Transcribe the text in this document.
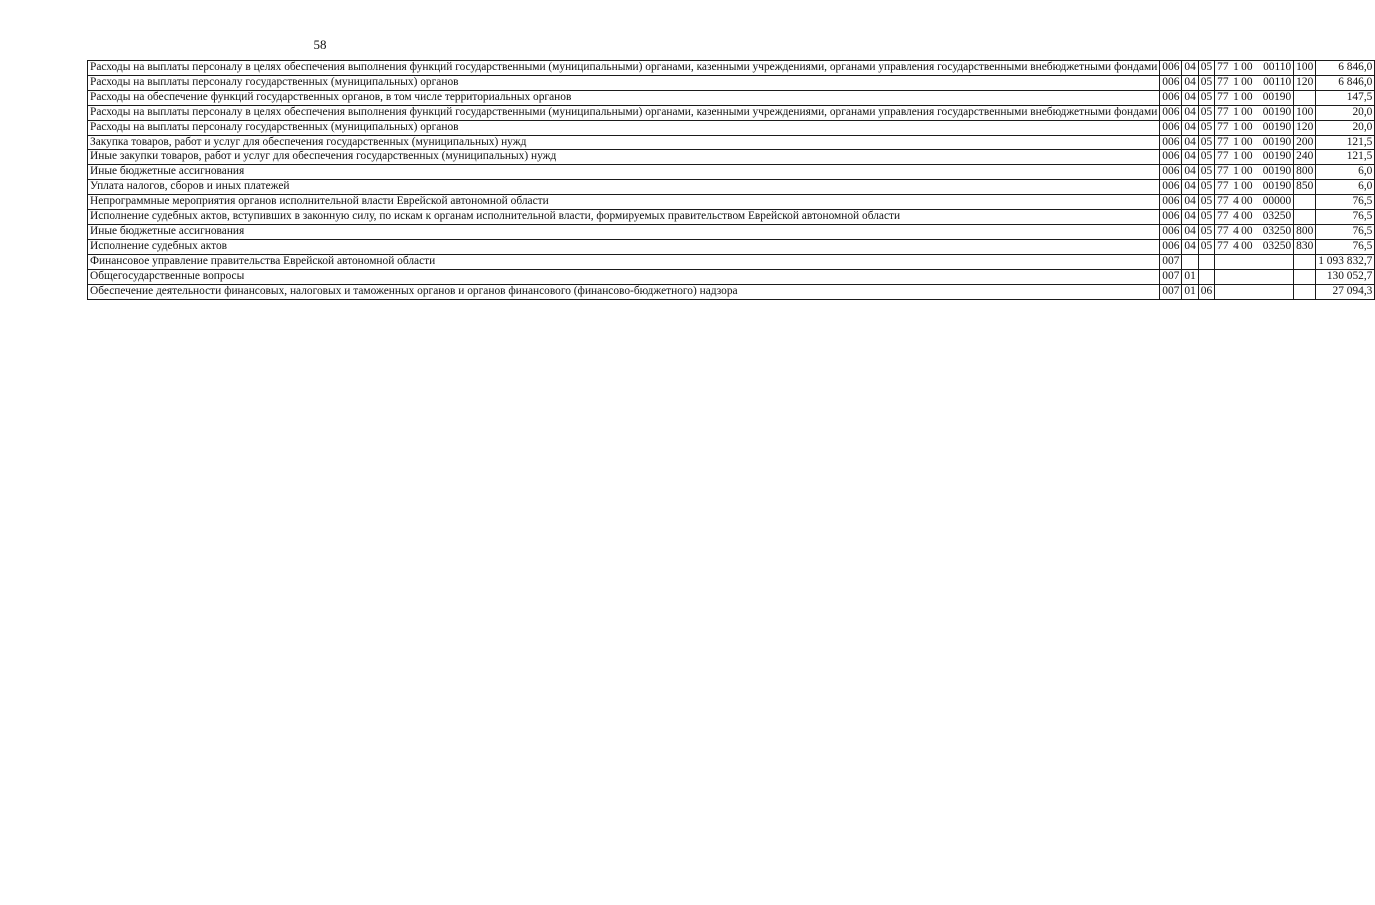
58
Расходы на выплаты персоналу в целях обеспечения выполнения функций государственными (муниципальными) органами, казенными учреждениями, органами управления государственными внебюджетными фондами	006	04	05	77 1 00 00110	100	6 846,0
Расходы на выплаты персоналу государственных (муниципальных) органов	006	04	05	77 1 00 00110	120	6 846,0
Расходы на обеспечение функций государственных органов, в том числе территориальных органов	006	04	05	77 1 00 00190		147,5
Расходы на выплаты персоналу в целях обеспечения выполнения функций государственными (муниципальными) органами, казенными учреждениями, органами управления государственными внебюджетными фондами	006	04	05	77 1 00 00190	100	20,0
Расходы на выплаты персоналу государственных (муниципальных) органов	006	04	05	77 1 00 00190	120	20,0
Закупка товаров, работ и услуг для обеспечения государственных (муниципальных) нужд	006	04	05	77 1 00 00190	200	121,5
Иные закупки товаров, работ и услуг для обеспечения государственных (муниципальных) нужд	006	04	05	77 1 00 00190	240	121,5
Иные бюджетные ассигнования	006	04	05	77 1 00 00190	800	6,0
Уплата налогов, сборов и иных платежей	006	04	05	77 1 00 00190	850	6,0
Непрограммные мероприятия органов исполнительной власти Еврейской автономной области	006	04	05	77 4 00 00000		76,5
Исполнение судебных актов, вступивших в законную силу, по искам к органам исполнительной власти, формируемых правительством Еврейской автономной области	006	04	05	77 4 00 03250		76,5
Иные бюджетные ассигнования	006	04	05	77 4 00 03250	800	76,5
Исполнение судебных актов	006	04	05	77 4 00 03250	830	76,5
Финансовое управление правительства Еврейской автономной области	007					1 093 832,7
Общегосударственные вопросы	007	01				130 052,7
Обеспечение деятельности финансовых, налоговых и таможенных органов и органов финансового (финансово-бюджетного) надзора	007	01	06			27 094,3
